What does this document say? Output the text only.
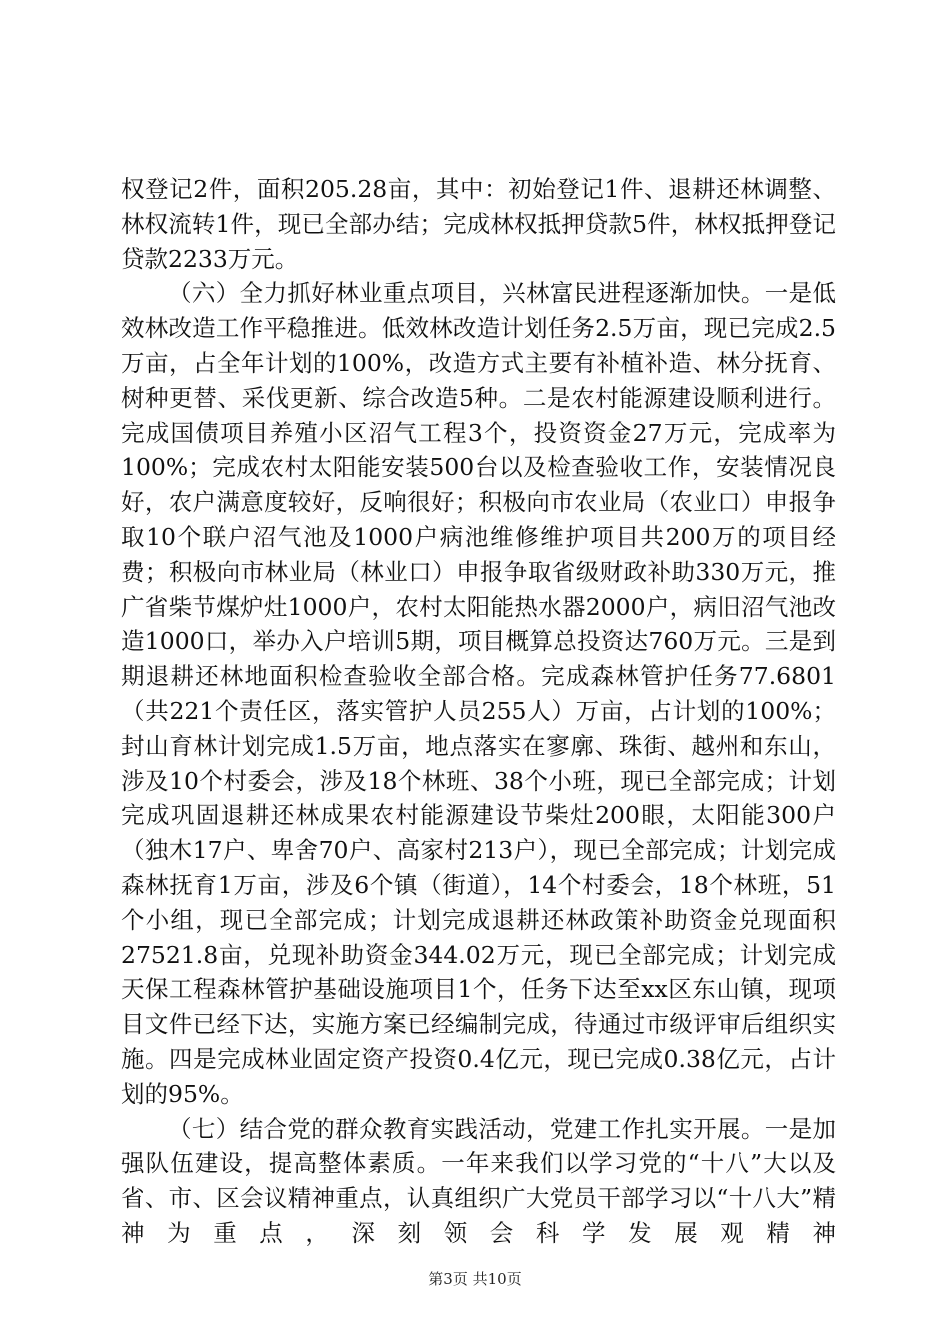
权登记2件，面积205.28亩，其中：初始登记1件、退耕还林调整、林权流转1件，现已全部办结；完成林权抵押贷款5件，林权抵押登记贷款2233万元。

（六）全力抓好林业重点项目，兴林富民进程逐渐加快。一是低效林改造工作平稳推进。低效林改造计划任务2.5万亩，现已完成2.5万亩，占全年计划的100%，改造方式主要有补植补造、林分抚育、树种更替、采伐更新、综合改造5种。二是农村能源建设顺利进行。完成国债项目养殖小区沼气工程3个，投资资金27万元，完成率为100%；完成农村太阳能安装500台以及检查验收工作，安装情况良好，农户满意度较好，反响很好；积极向市农业局（农业口）申报争取10个联户沼气池及1000户病池维修维护项目共200万的项目经费；积极向市林业局（林业口）申报争取省级财政补助330万元，推广省柴节煤炉灶1000户，农村太阳能热水器2000户，病旧沼气池改造1000口，举办入户培训5期，项目概算总投资达760万元。三是到期退耕还林地面积检查验收全部合格。完成森林管护任务77.6801（共221个责任区，落实管护人员255人）万亩，占计划的100%；封山育林计划完成1.5万亩，地点落实在寥廓、珠街、越州和东山，涉及10个村委会，涉及18个林班、38个小班，现已全部完成；计划完成巩固退耕还林成果农村能源建设节柴灶200眼，太阳能300户（独木17户、卑舍70户、高家村213户），现已全部完成；计划完成森林抚育1万亩，涉及6个镇（街道），14个村委会，18个林班，51个小组，现已全部完成；计划完成退耕还林政策补助资金兑现面积27521.8亩，兑现补助资金344.02万元，现已全部完成；计划完成天保工程森林管护基础设施项目1个，任务下达至xx区东山镇，现项目文件已经下达，实施方案已经编制完成，待通过市级评审后组织实施。四是完成林业固定资产投资0.4亿元，现已完成0.38亿元，占计划的95%。

（七）结合党的群众教育实践活动，党建工作扎实开展。一是加强队伍建设，提高整体素质。一年来我们以学习党的“十八”大以及省、市、区会议精神重点，认真组织广大党员干部学习以“十八大”精神为重点，深刻领会科学发展观精神

第3页 共10页
